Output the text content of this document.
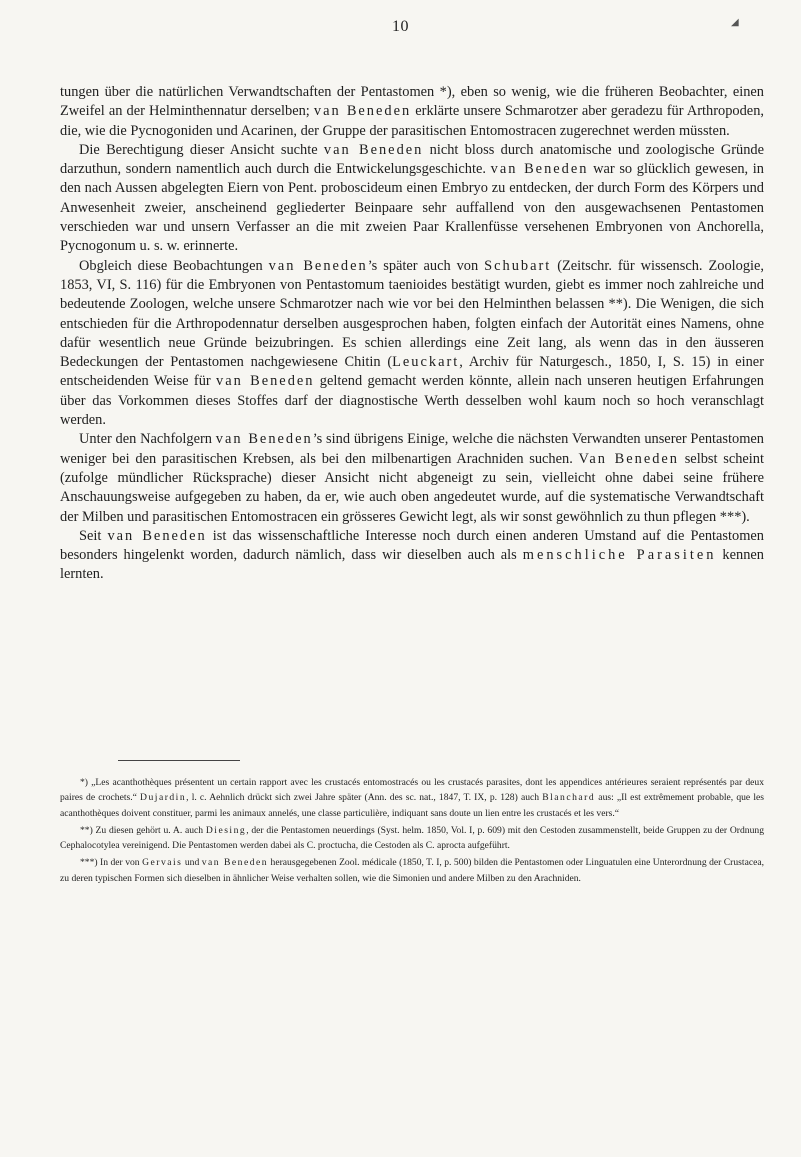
10	◢

tungen über die natürlichen Verwandtschaften der Pentastomen *), eben so wenig, wie die früheren Beobachter, einen Zweifel an der Helminthennatur derselben; van Beneden erklärte unsere Schmarotzer aber geradezu für Arthropoden, die, wie die Pycnogoniden und Acarinen, der Gruppe der parasitischen Entomostracen zugerechnet werden müssten.

Die Berechtigung dieser Ansicht suchte van Beneden nicht bloss durch anatomische und zoologische Gründe darzuthun, sondern namentlich auch durch die Entwickelungsgeschichte. van Beneden war so glücklich gewesen, in den nach Aussen abgelegten Eiern von Pent. proboscideum einen Embryo zu entdecken, der durch Form des Körpers und Anwesenheit zweier, anscheinend gegliederter Beinpaare sehr auffallend von den ausgewachsenen Pentastomen verschieden war und unsern Verfasser an die mit zweien Paar Krallenfüsse versehenen Embryonen von Anchorella, Pycnogonum u. s. w. erinnerte.

Obgleich diese Beobachtungen van Beneden’s später auch von Schubart (Zeitschr. für wissensch. Zoologie, 1853, VI, S. 116) für die Embryonen von Pentastomum taenioides bestätigt wurden, giebt es immer noch zahlreiche und bedeutende Zoologen, welche unsere Schmarotzer nach wie vor bei den Helminthen belassen **). Die Wenigen, die sich entschieden für die Arthropodennatur derselben ausgesprochen haben, folgten einfach der Autorität eines Namens, ohne dafür wesentlich neue Gründe beizubringen. Es schien allerdings eine Zeit lang, als wenn das in den äusseren Bedeckungen der Pentastomen nachgewiesene Chitin (Leuckart, Archiv für Naturgesch., 1850, I, S. 15) in einer entscheidenden Weise für van Beneden geltend gemacht werden könnte, allein nach unseren heutigen Erfahrungen über das Vorkommen dieses Stoffes darf der diagnostische Werth desselben wohl kaum noch so hoch veranschlagt werden.

Unter den Nachfolgern van Beneden’s sind übrigens Einige, welche die nächsten Verwandten unserer Pentastomen weniger bei den parasitischen Krebsen, als bei den milbenartigen Arachniden suchen. Van Beneden selbst scheint (zufolge mündlicher Rücksprache) dieser Ansicht nicht abgeneigt zu sein, vielleicht ohne dabei seine frühere Anschauungsweise aufgegeben zu haben, da er, wie auch oben angedeutet wurde, auf die systematische Verwandtschaft der Milben und parasitischen Entomostracen ein grösseres Gewicht legt, als wir sonst gewöhnlich zu thun pflegen ***).

Seit van Beneden ist das wissenschaftliche Interesse noch durch einen anderen Umstand auf die Pentastomen besonders hingelenkt worden, dadurch nämlich, dass wir dieselben auch als menschliche Parasiten kennen lernten.

*) „Les acanthothèques présentent un certain rapport avec les crustacés entomostracés ou les crustacés parasites, dont les appendices antérieures seraient représentés par deux paires de crochets.“ Dujardin, l. c. Aehnlich drückt sich zwei Jahre später (Ann. des sc. nat., 1847, T. IX, p. 128) auch Blanchard aus: „Il est extrêmement probable, que les acanthothèques doivent constituer, parmi les animaux annelés, une classe particulière, indiquant sans doute un lien entre les crustacés et les vers.“

**) Zu diesen gehört u. A. auch Diesing, der die Pentastomen neuerdings (Syst. helm. 1850, Vol. I, p. 609) mit den Cestoden zusammenstellt, beide Gruppen zu der Ordnung Cephalocotylea vereinigend. Die Pentastomen werden dabei als C. proctucha, die Cestoden als C. aprocta aufgeführt.

***) In der von Gervais und van Beneden herausgegebenen Zool. médicale (1850, T. I, p. 500) bilden die Pentastomen oder Linguatulen eine Unterordnung der Crustacea, zu deren typischen Formen sich dieselben in ähnlicher Weise verhalten sollen, wie die Simonien und andere Milben zu den Arachniden.
